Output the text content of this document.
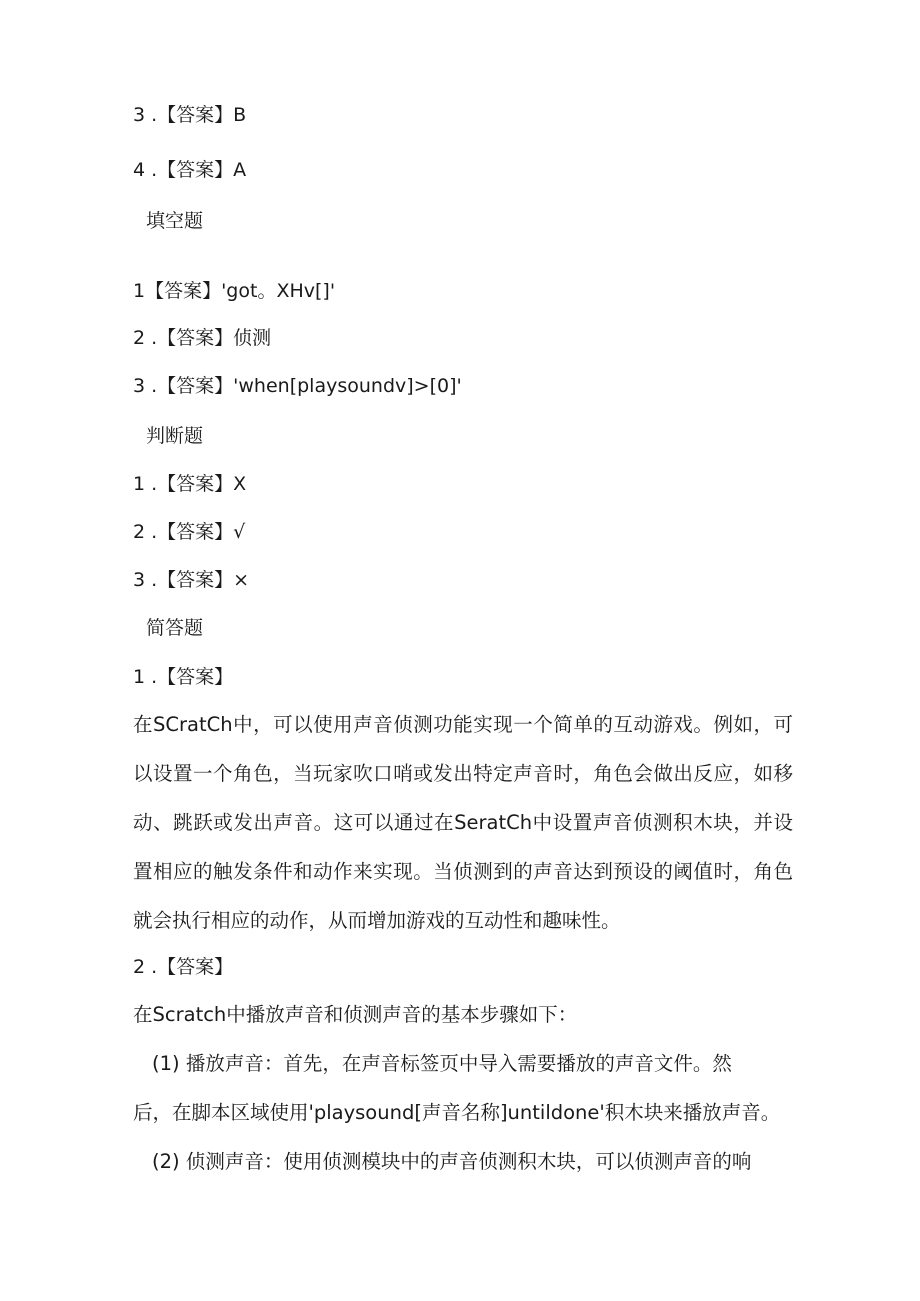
3 .【答案】B
4 .【答案】A
填空题
1【答案】'got。XHv[]'
2 .【答案】侦测
3 .【答案】'when[playsoundv]>[0]'
判断题
1 .【答案】X
2 .【答案】√
3 .【答案】×
简答题
1 .【答案】
在SCratCh中，可以使用声音侦测功能实现一个简单的互动游戏。例如，可以设置一个角色，当玩家吹口哨或发出特定声音时，角色会做出反应，如移动、跳跃或发出声音。这可以通过在SeratCh中设置声音侦测积木块，并设置相应的触发条件和动作来实现。当侦测到的声音达到预设的阈值时，角色就会执行相应的动作，从而增加游戏的互动性和趣味性。
2 .【答案】
在Scratch中播放声音和侦测声音的基本步骤如下：
(1) 播放声音：首先，在声音标签页中导入需要播放的声音文件。然
后，在脚本区域使用'playsound[声音名称]untildone'积木块来播放声音。
(2) 侦测声音：使用侦测模块中的声音侦测积木块，可以侦测声音的响
